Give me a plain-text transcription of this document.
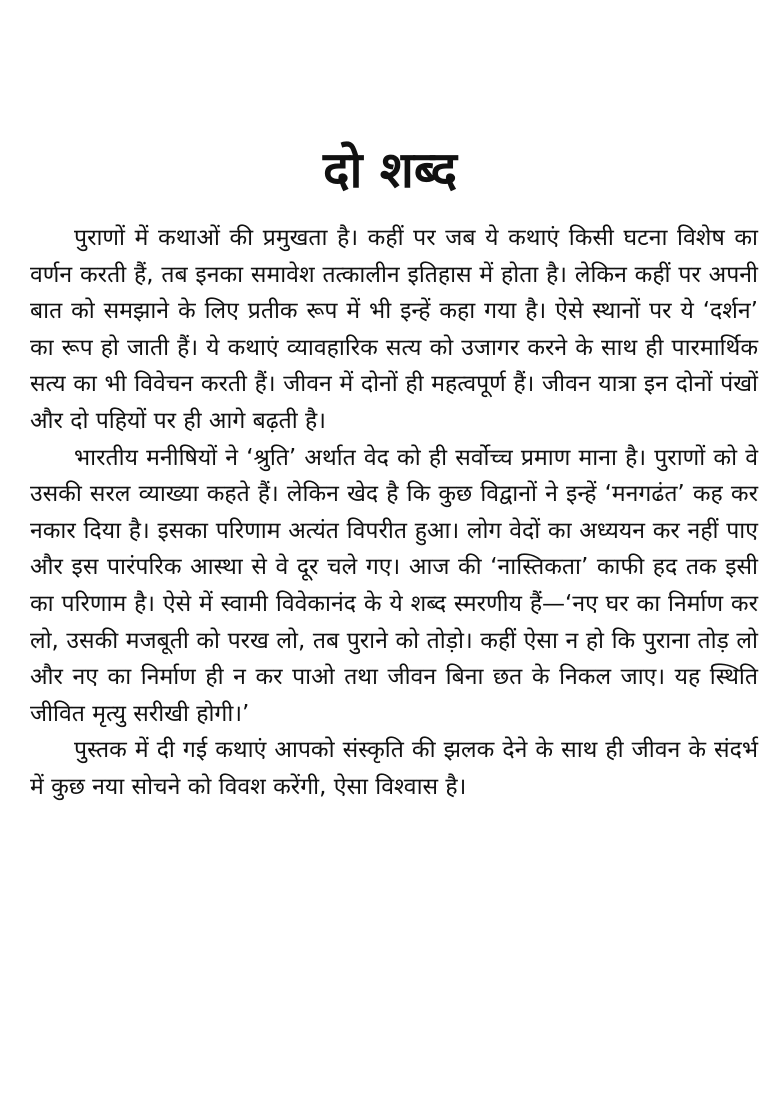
दो शब्द

पुराणों में कथाओं की प्रमुखता है। कहीं पर जब ये कथाएं किसी घटना विशेष का वर्णन करती हैं, तब इनका समावेश तत्कालीन इतिहास में होता है। लेकिन कहीं पर अपनी बात को समझाने के लिए प्रतीक रूप में भी इन्हें कहा गया है। ऐसे स्थानों पर ये ‘दर्शन’ का रूप हो जाती हैं। ये कथाएं व्यावहारिक सत्य को उजागर करने के साथ ही पारमार्थिक सत्य का भी विवेचन करती हैं। जीवन में दोनों ही महत्वपूर्ण हैं। जीवन यात्रा इन दोनों पंखों और दो पहियों पर ही आगे बढ़ती है।

भारतीय मनीषियों ने ‘श्रुति’ अर्थात वेद को ही सर्वोच्च प्रमाण माना है। पुराणों को वे उसकी सरल व्याख्या कहते हैं। लेकिन खेद है कि कुछ विद्वानों ने इन्हें ‘मनगढंत’ कह कर नकार दिया है। इसका परिणाम अत्यंत विपरीत हुआ। लोग वेदों का अध्ययन कर नहीं पाए और इस पारंपरिक आस्था से वे दूर चले गए। आज की ‘नास्तिकता’ काफी हद तक इसी का परिणाम है। ऐसे में स्वामी विवेकानंद के ये शब्द स्मरणीय हैं—‘नए घर का निर्माण कर लो, उसकी मजबूती को परख लो, तब पुराने को तोड़ो। कहीं ऐसा न हो कि पुराना तोड़ लो और नए का निर्माण ही न कर पाओ तथा जीवन बिना छत के निकल जाए। यह स्थिति जीवित मृत्यु सरीखी होगी।’

पुस्तक में दी गई कथाएं आपको संस्कृति की झलक देने के साथ ही जीवन के संदर्भ में कुछ नया सोचने को विवश करेंगी, ऐसा विश्वास है।
